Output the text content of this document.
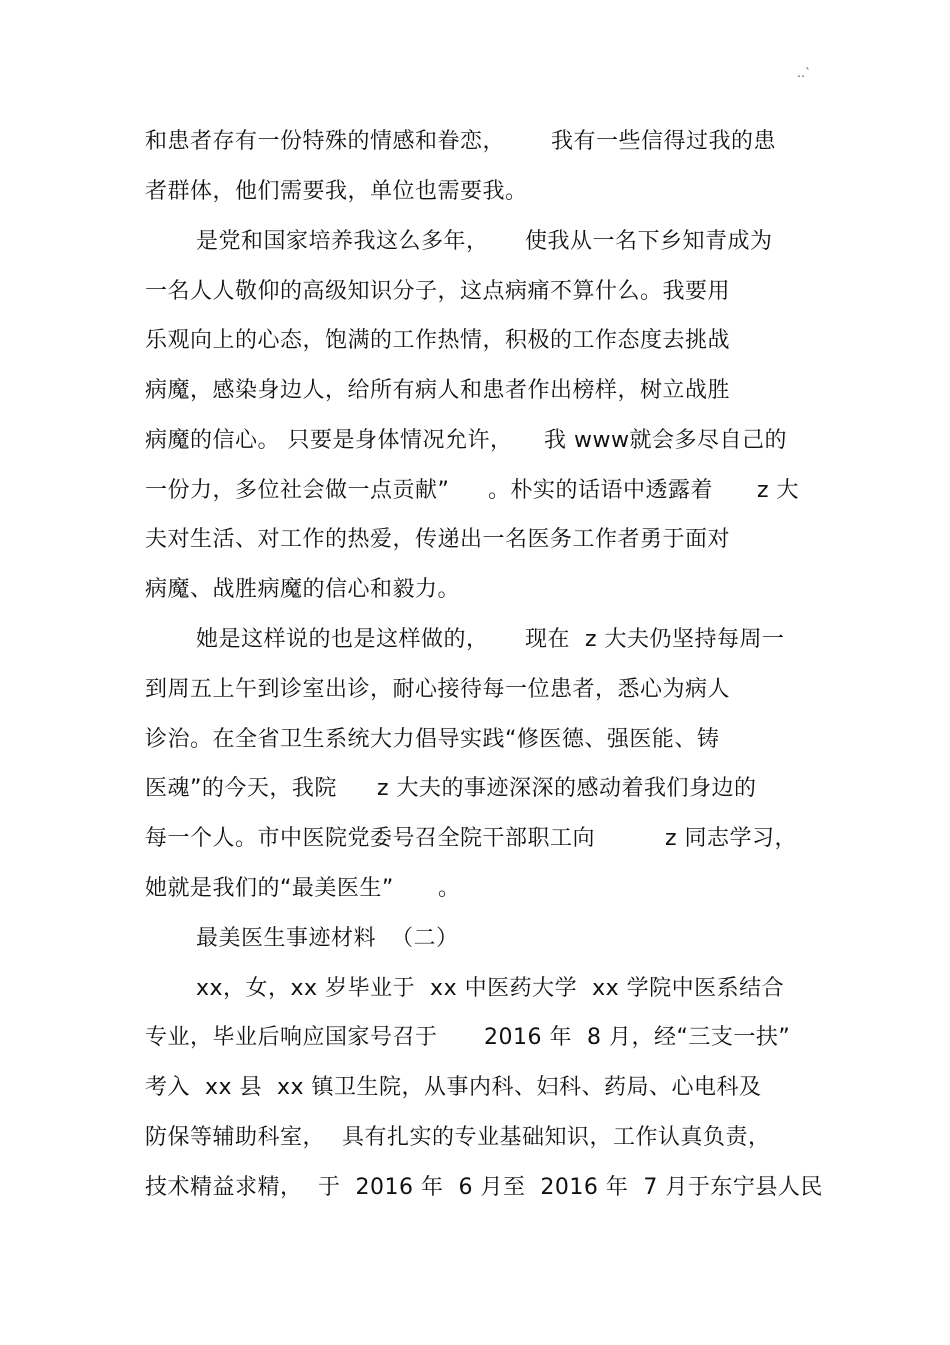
‥`
和患者存有一份特殊的情感和眷恋， 我有一些信得过我的患
者群体，他们需要我，单位也需要我。
是党和国家培养我这么多年， 使我从一名下乡知青成为
一名人人敬仰的高级知识分子，这点病痛不算什么。我要用
乐观向上的心态，饱满的工作热情，积极的工作态度去挑战
病魔，感染身边人，给所有病人和患者作出榜样，树立战胜
病魔的信心。 只要是身体情况允许， 我 www就会多尽自己的
一份力，多位社会做一点贡献” 。朴实的话语中透露着 z 大
夫对生活、对工作的热爱，传递出一名医务工作者勇于面对
病魔、战胜病魔的信心和毅力。
她是这样说的也是这样做的， 现在  z 大夫仍坚持每周一
到周五上午到诊室出诊，耐心接待每一位患者，悉心为病人
诊治。在全省卫生系统大力倡导实践“修医德、强医能、铸
医魂”的今天，我院 z 大夫的事迹深深的感动着我们身边的
每一个人。市中医院党委号召全院干部职工向	z 同志学习，
她就是我们的“最美医生” 。
最美医生事迹材料  （二）
xx，女，xx 岁毕业于  xx 中医药大学  xx 学院中医系结合
专业，毕业后响应国家号召于 2016 年  8 月，经“三支一扶”
考入  xx 县  xx 镇卫生院，从事内科、妇科、药局、心电科及
防保等辅助科室， 具有扎实的专业基础知识， 工作认真负责，
技术精益求精， 于  2016 年  6 月至  2016 年  7 月于东宁县人民
